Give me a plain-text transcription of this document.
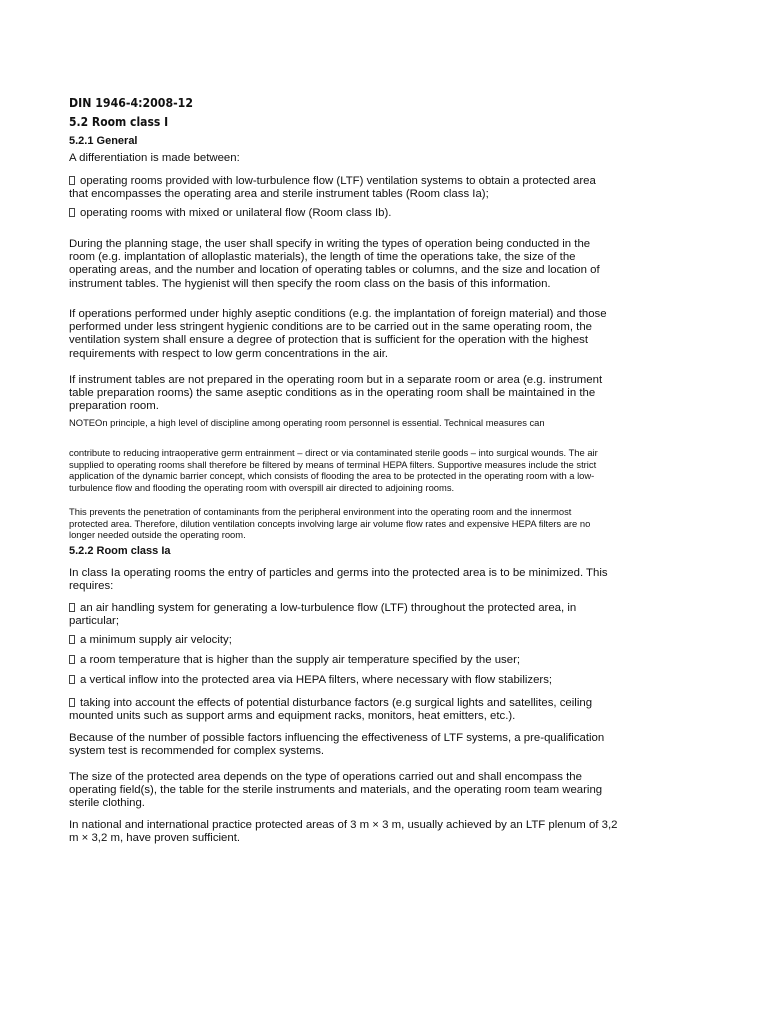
DIN 1946-4:2008-12

5.2 Room class I

5.2.1 General

A differentiation is made between:

operating rooms provided with low-turbulence flow (LTF) ventilation systems to obtain a protected area that encompasses the operating area and sterile instrument tables (Room class Ia);

operating rooms with mixed or unilateral flow (Room class Ib).

During the planning stage, the user shall specify in writing the types of operation being conducted in the room (e.g. implantation of alloplastic materials), the length of time the operations take, the size of the operating areas, and the number and location of operating tables or columns, and the size and location of instrument tables. The hygienist will then specify the room class on the basis of this information.

If operations performed under highly aseptic conditions (e.g. the implantation of foreign material) and those performed under less stringent hygienic conditions are to be carried out in the same operating room, the ventilation system shall ensure a degree of protection that is sufficient for the operation with the highest requirements with respect to low germ concentrations in the air.

If instrument tables are not prepared in the operating room but in a separate room or area (e.g. instrument table preparation rooms) the same aseptic conditions as in the operating room shall be maintained in the preparation room.

NOTEOn principle, a high level of discipline among operating room personnel is essential. Technical measures can

contribute to reducing intraoperative germ entrainment – direct or via contaminated sterile goods – into surgical wounds. The air supplied to operating rooms shall therefore be filtered by means of terminal HEPA filters. Supportive measures include the strict application of the dynamic barrier concept, which consists of flooding the area to be protected in the operating room with a low-turbulence flow and flooding the operating room with overspill air directed to adjoining rooms.

This prevents the penetration of contaminants from the peripheral environment into the operating room and the innermost protected area. Therefore, dilution ventilation concepts involving large air volume flow rates and expensive HEPA filters are no longer needed outside the operating room.

5.2.2 Room class Ia

In class Ia operating rooms the entry of particles and germs into the protected area is to be minimized. This requires:

an air handling system for generating a low-turbulence flow (LTF) throughout the protected area, in particular;

a minimum supply air velocity;

a room temperature that is higher than the supply air temperature specified by the user;

a vertical inflow into the protected area via HEPA filters, where necessary with flow stabilizers;

taking into account the effects of potential disturbance factors (e.g surgical lights and satellites, ceiling mounted units such as support arms and equipment racks, monitors, heat emitters, etc.).

Because of the number of possible factors influencing the effectiveness of LTF systems, a pre-qualification system test is recommended for complex systems.

The size of the protected area depends on the type of operations carried out and shall encompass the operating field(s), the table for the sterile instruments and materials, and the operating room team wearing sterile clothing.

In national and international practice protected areas of 3 m × 3 m, usually achieved by an LTF plenum of 3,2 m × 3,2 m, have proven sufficient.
